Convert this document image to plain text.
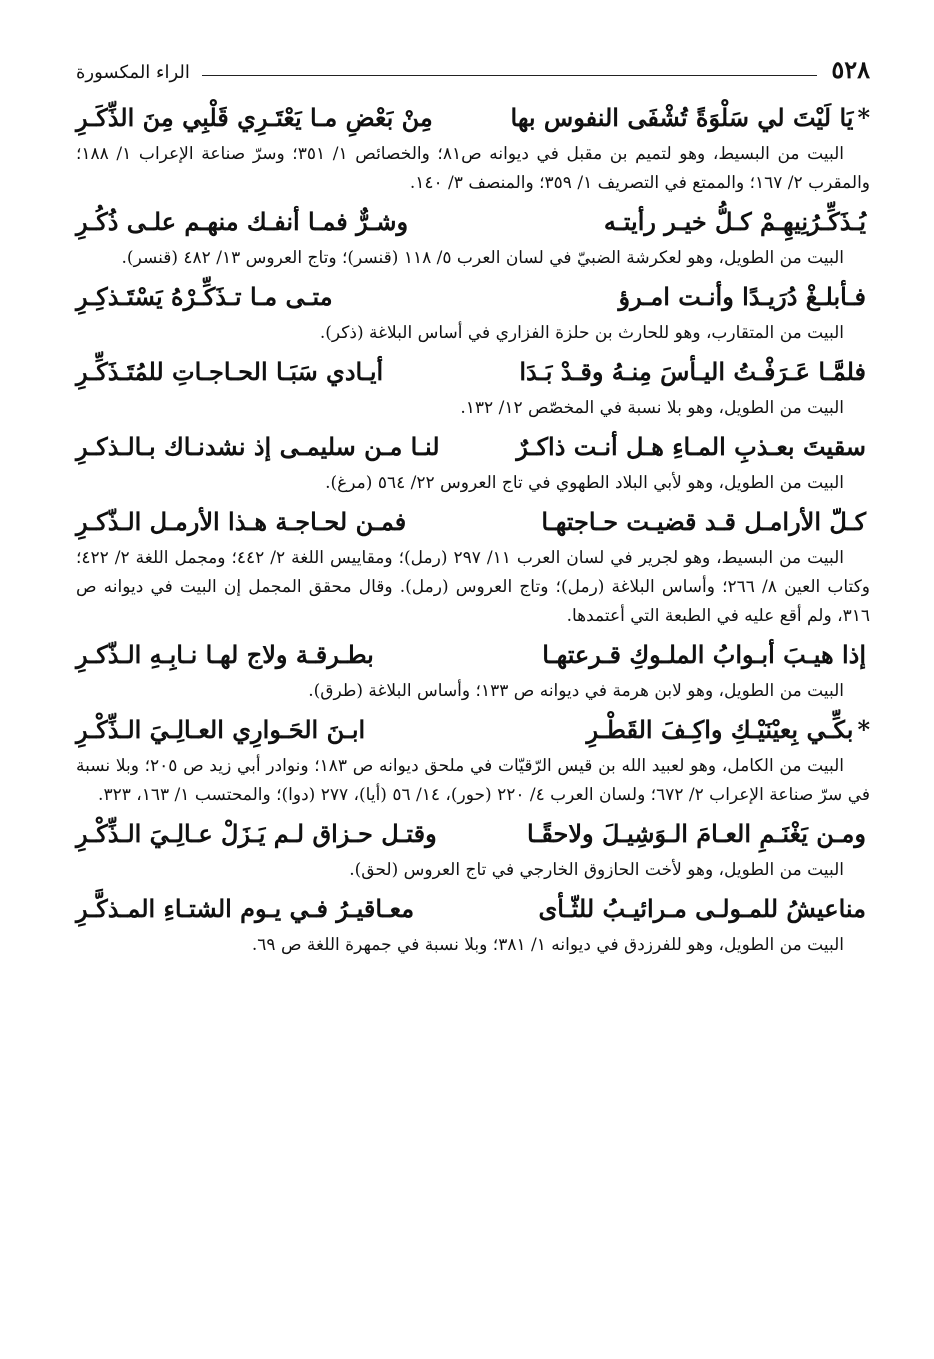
٥٢٨
الراء المكسورة
*يَا لَيْتَ لي سَلْوَةً تُشْفَى النفوس بها
مِنْ بَعْضِ مـا يَعْتَـرِي قَلْبِي مِنَ الذِّكَـرِ

البيت من البسيط، وهو لتميم بن مقبل في ديوانه ص٨١؛ والخصائص ١/ ٣٥١؛ وسرّ صناعة الإعراب ١/ ١٨٨؛ والمقرب ٢/ ١٦٧؛ والممتع في التصريف ١/ ٣٥٩؛ والمنصف ٣/ ١٤٠.

يُـذَكِّـرُنِيهِـمْ كـلُّ خيـر رأيتـه
وشـرٌّ فمـا أنفـك منهـم علـى ذُكُـرِ

البيت من الطويل، وهو لعكرشة الضبيّ في لسان العرب ٥/ ١١٨ (قنسر)؛ وتاج العروس ١٣/ ٤٨٢ (قنسر).

فـأبلـغْ دُرَيـدًا وأنـت امـرؤ
متـى مـا تـذَكِّـرْهُ يَسْتَـذكِـرِ

البيت من المتقارب، وهو للحارث بن حلزة الفزاري في أساس البلاغة (ذكر).

فلمَّـا عَـرَفْـتُ اليـأسَ مِنـهُ وقـدْ بَـدَا
أيـادي سَبَـا الحـاجـاتِ للمُتَـذَكِّـرِ

البيت من الطويل، وهو بلا نسبة في المخصّص ١٢/ ١٣٢.

سقيتَ بعـذبِ المـاءِ هـل أنـت ذاكـرٌ
لنـا مـن سليمـى إذ نشدنـاك بـالـذكـرِ

البيت من الطويل، وهو لأبي البلاد الطهوي في تاج العروس ٢٢/ ٥٦٤ (مرغ).

كـلّ الأرامـل قـد قضيـت حـاجتهـا
فمـن لحـاجـة هـذا الأرمـل الـذّكـرِ

البيت من البسيط، وهو لجرير في لسان العرب ١١/ ٢٩٧ (رمل)؛ ومقاييس اللغة ٢/ ٤٤٢؛ ومجمل اللغة ٢/ ٤٢٢؛ وكتاب العين ٨/ ٢٦٦؛ وأساس البلاغة (رمل)؛ وتاج العروس (رمل). وقال محقق المجمل إن البيت في ديوانه ص ٣١٦، ولم أقع عليه في الطبعة التي أعتمدها.

إذا هيـبَ أبـوابُ الملـوكِ قـرعتهـا
بطـرقـة ولاج لهـا نـابِـهِ الـذّكـرِ

البيت من الطويل، وهو لابن هرمة في ديوانه ص ١٣٣؛ وأساس البلاغة (طرق).

*بكِّـي بِعيْنَيْـكِ واكِـفَ القَطْـرِ
ابـنَ الحَـوارِي العـالِـيَ الـذِّكْـرِ

البيت من الكامل، وهو لعبيد الله بن قيس الرّقيّات في ملحق ديوانه ص ١٨٣؛ ونوادر أبي زيد ص ٢٠٥؛ وبلا نسبة في سرّ صناعة الإعراب ٢/ ٦٧٢؛ ولسان العرب ٤/ ٢٢٠ (حور)، ١٤/ ٥٦ (أيا)، ٢٧٧ (دوا)؛ والمحتسب ١/ ١٦٣، ٣٢٣.

ومـن يَغْنَـمِ العـامَ الـوَشِيـلَ ولاحقًـا
وقتـل حـزاق لـم يَـزَلْ عـالِـيَ الـذِّكْـرِ

البيت من الطويل، وهو لأخت الحازوق الخارجي في تاج العروس (لحق).

مناعيشُ للمـولـى مـرائيـبُ للثّـأى
معـاقيـرُ فـي يـوم الشتـاءِ المـذكَّـرِ

البيت من الطويل، وهو للفرزدق في ديوانه ١/ ٣٨١؛ وبلا نسبة في جمهرة اللغة ص ٦٩.
